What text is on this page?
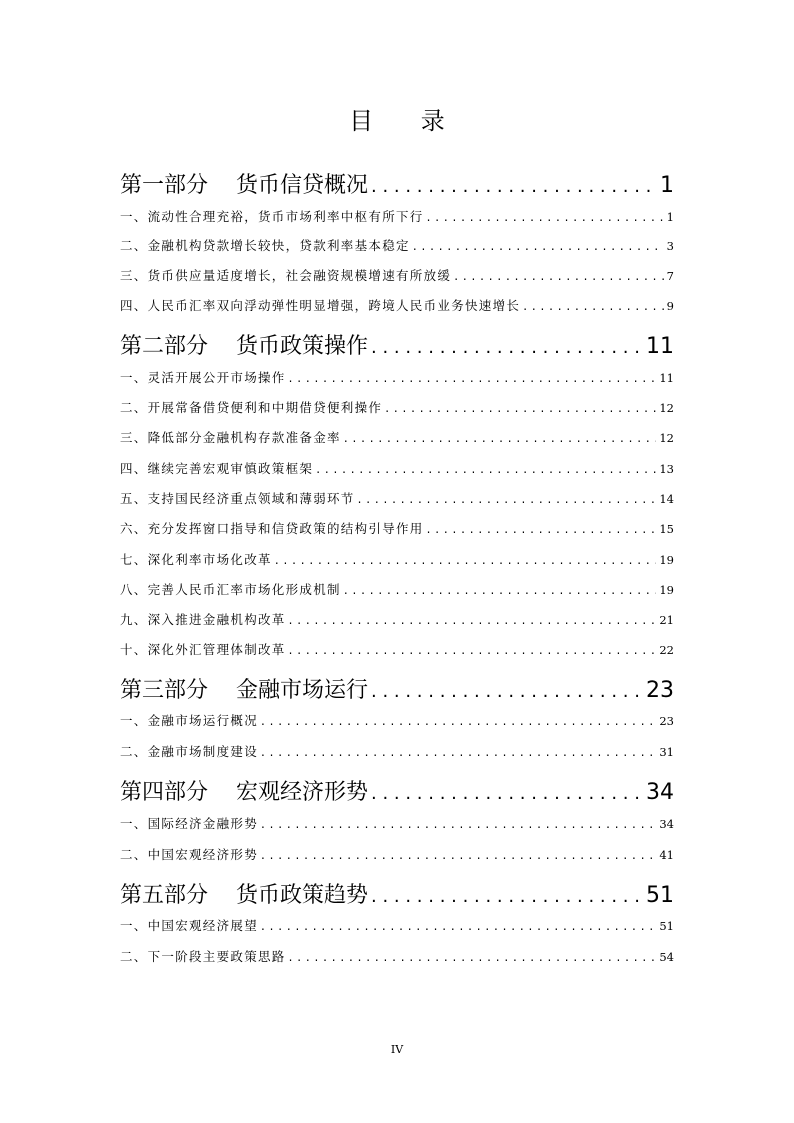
目 录
第一部分 货币信贷概况 . . .	1
一、流动性合理充裕，货币市场利率中枢有所下行 . . .	1
二、金融机构贷款增长较快，贷款利率基本稳定 . . .	3
三、货币供应量适度增长，社会融资规模增速有所放缓 . . .	7
四、人民币汇率双向浮动弹性明显增强，跨境人民币业务快速增长 . . .	9
第二部分 货币政策操作 . . .	11
一、灵活开展公开市场操作 . . .	11
二、开展常备借贷便利和中期借贷便利操作 . . .	12
三、降低部分金融机构存款准备金率 . . .	12
四、继续完善宏观审慎政策框架 . . .	13
五、支持国民经济重点领域和薄弱环节 . . .	14
六、充分发挥窗口指导和信贷政策的结构引导作用 . . .	15
七、深化利率市场化改革 . . .	19
八、完善人民币汇率市场化形成机制 . . .	19
九、深入推进金融机构改革 . . .	21
十、深化外汇管理体制改革 . . .	22
第三部分 金融市场运行 . . .	23
一、金融市场运行概况 . . .	23
二、金融市场制度建设 . . .	31
第四部分 宏观经济形势 . . .	34
一、国际经济金融形势 . . .	34
二、中国宏观经济形势 . . .	41
第五部分 货币政策趋势 . . .	51
一、中国宏观经济展望 . . .	51
二、下一阶段主要政策思路 . . .	54
IV
